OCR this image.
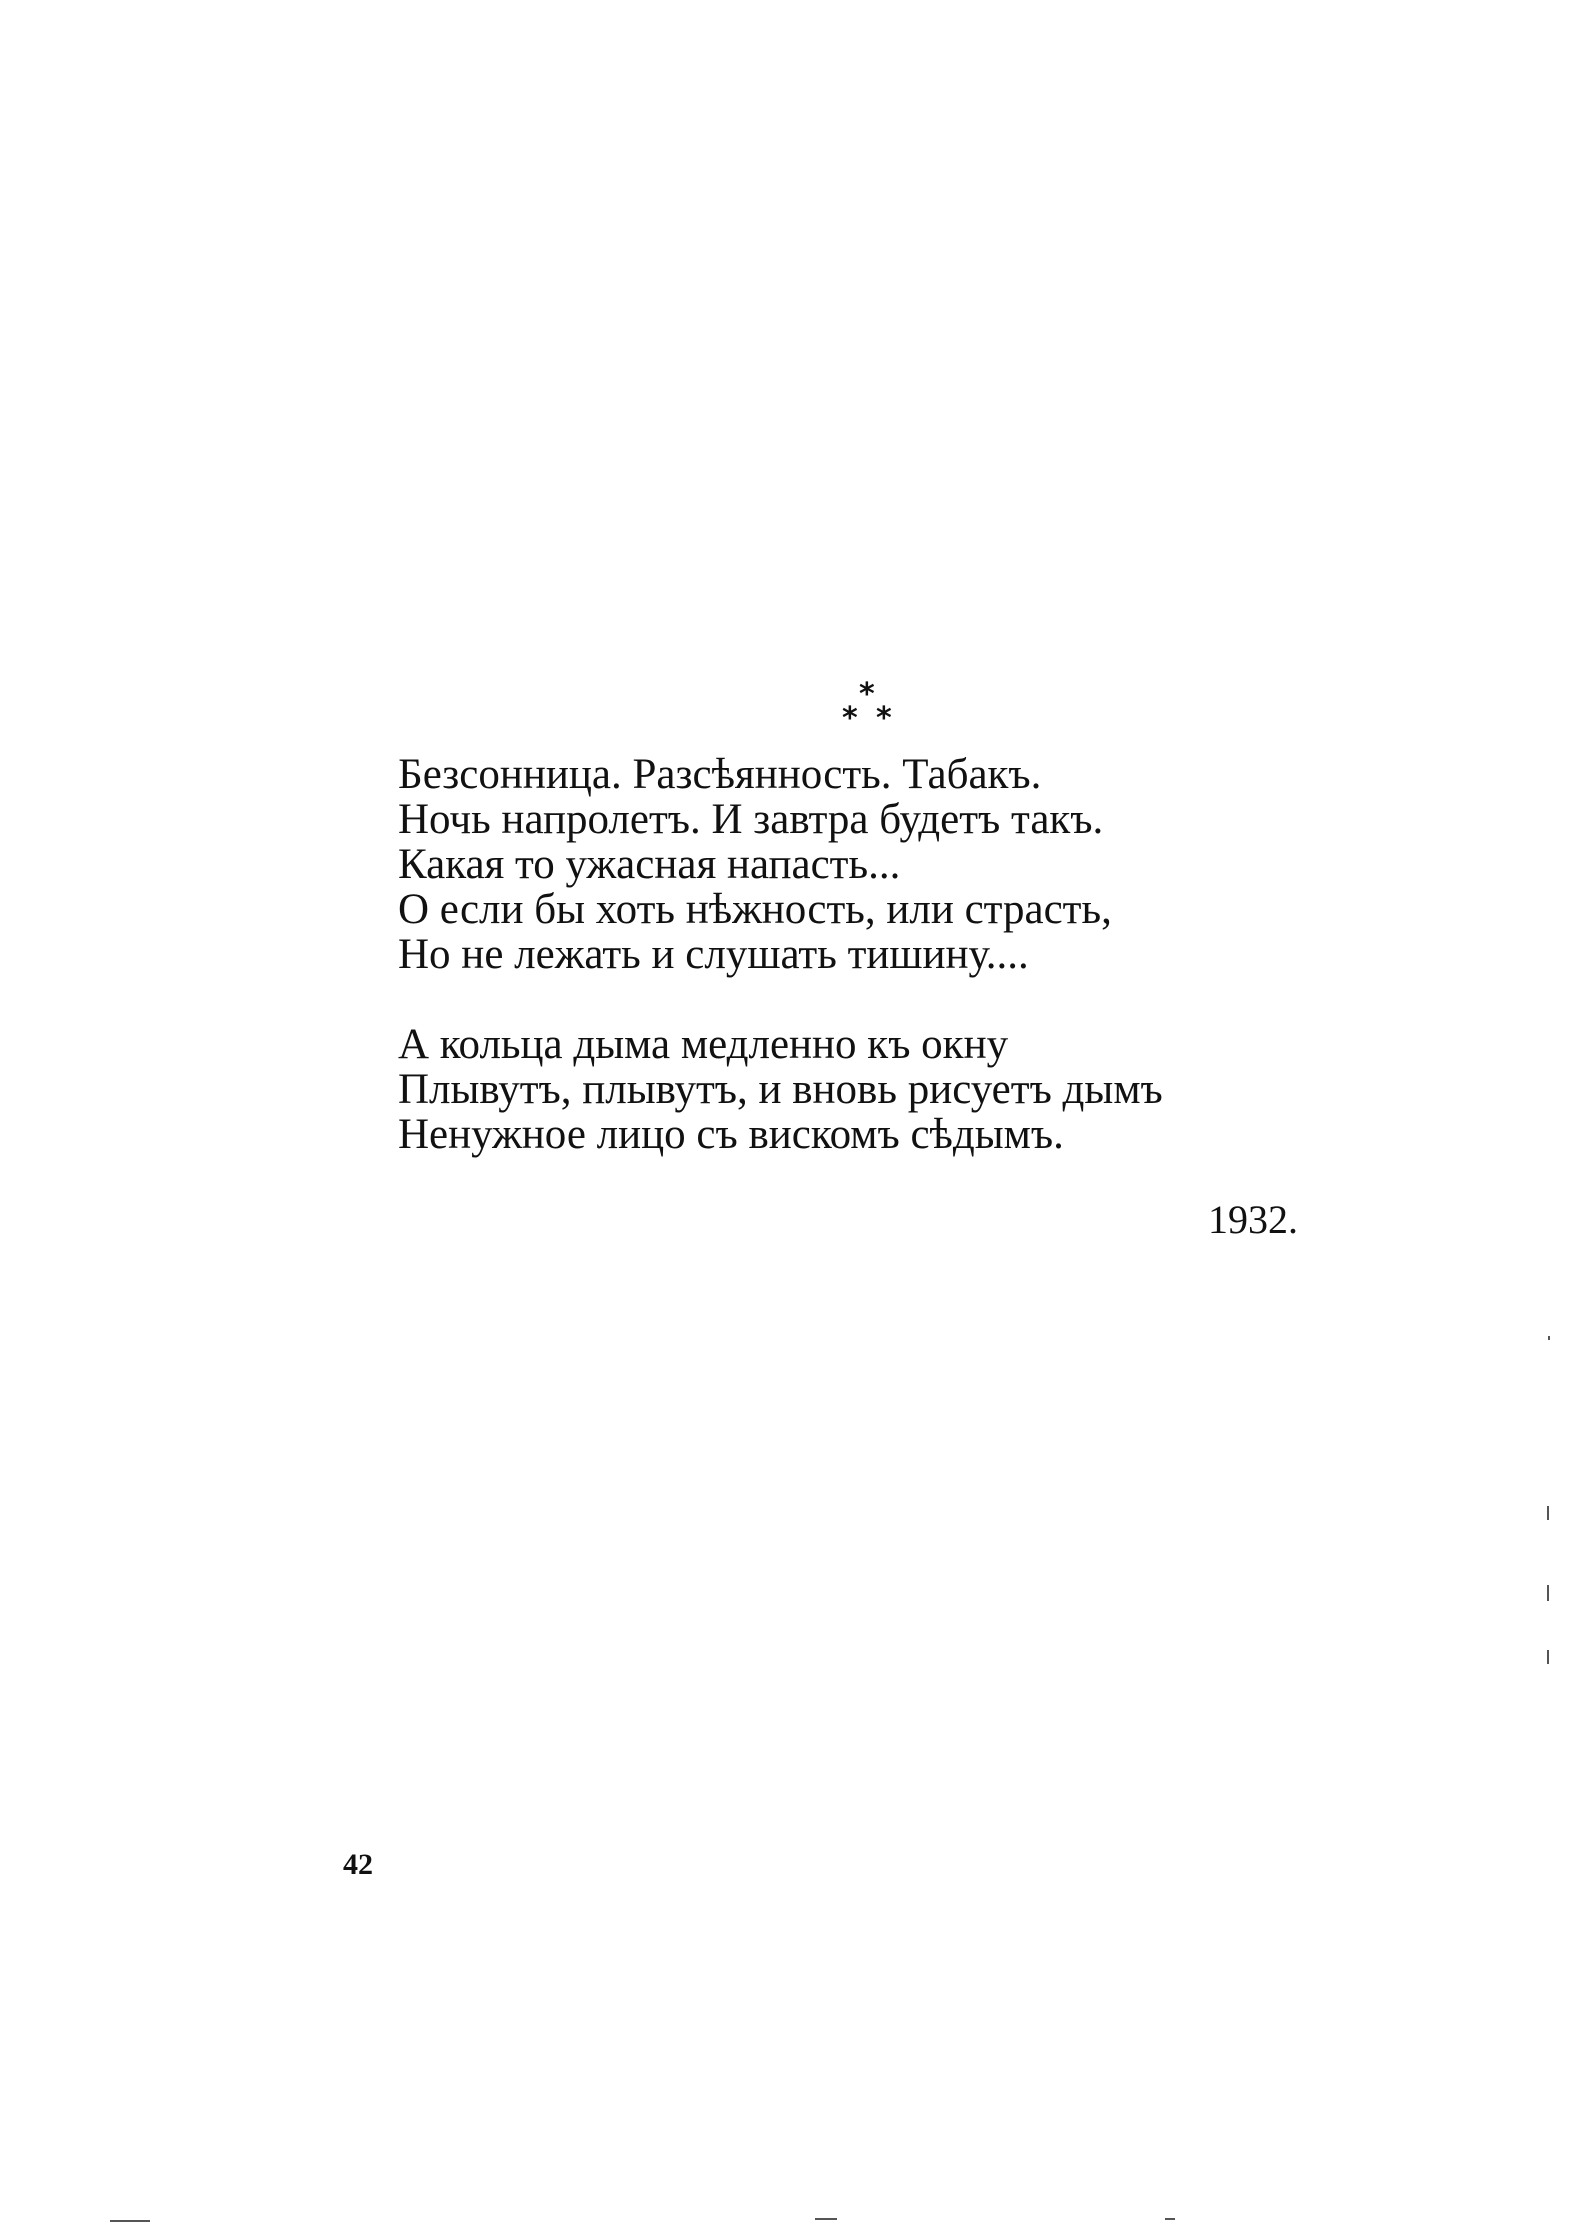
*
* *
Безсонница. Разсѣянность. Табакъ.
Ночь напролетъ. И завтра будетъ такъ.
Какая то ужасная напасть...
О если бы хоть нѣжность, или страсть,
Но не лежать и слушать тишину....
А кольца дыма медленно къ окну
Плывутъ, плывутъ, и вновь рисуетъ дымъ
Ненужное лицо съ вискомъ сѣдымъ.
1932.
42
